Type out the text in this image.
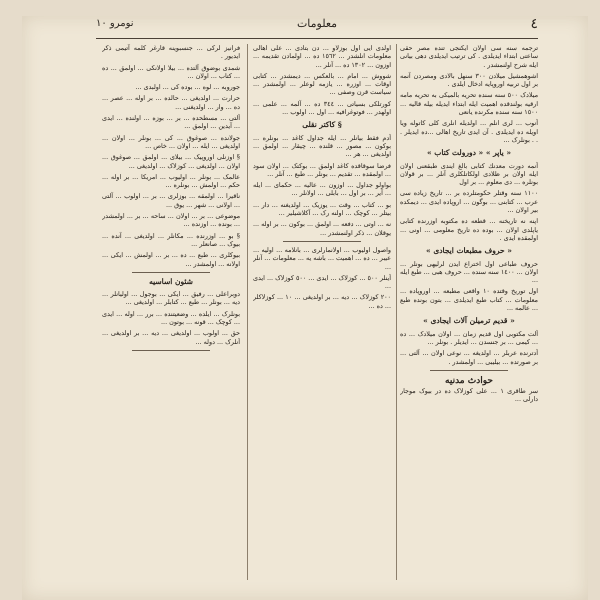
٤
معلومات
نومرو ١٠

ترجمه سنه سی اولان ایکنجی تنده مصر حقی ساعتی ابتداء ایدیلدی . کی ترتیب ایدیلدی دهی بیانی ایله شرح اولنمشدر .

اشوهمشیل میلادن ٣٠٠ سنهل بالادی ومصردن آنمه بر اول تربیه اوروپایه ادخال ایلدی .

میلادک ٥٠٠ سنه سنده تحریه بالمیکی به تحریه مامه ارقیه بولندقده اهمیت ایله ابتداء ایدیله بیله قالیه ... ١٥٠٠ سنه سنده مکرنده یانعی

آنوب ... لری انلم ... اولدیله انلری کلی کاتوله ویا اویله ده ایدیلدی . آن ایدی تاریخ اهالی ...ده ایدیلر . . . بونلرک ...

« یاپر » « دورولت کتاب »

آنمه دورت معدنك کتابی بالغ ایندی طبقعنی اولان ایله اولان بر ظلادی اولکاتلکلری آنلر ... بر قولان بونلره ... دی معلوم ... بر اول

١١٠٠ سنه وقتلر حکومتلرده بر ... تاریخ زیاده سی عرب ... کتابنی ... بوگون ... اروپاده ایدی ... دیمکده بیر اولان ...

اپنه نه تاریخنه ... قطعه ده مکتوبه اوزرنده کتابی یاپلدی اولان ... بوده ده تاریخ معلومی ... اونی ... اولمقده ایدی .

« حروف مطبعات ایجادی »

حروف طباعی اول اختراع ایدن لرلیهی بونلر ... اولان ... ١٤٠٠ سنه سنده ... حروف هبی ... طبع ایله ...

اول توریخ وقتده ۱۰ واقعی مطبعه ... اوروپاده ... معلومات ... کتاب طبع ایدیلدی ... بتون بونده طبع ... عالمه ...

« قدیم ترمیلن آلات ایجادی »

آلت مکتوبی اول قدیم زمان ... اولان میلادک ... ده ... کیمی ... بر جنسدن ... ایدیلر . بونلر ...

آدترنده عربلر ... اولدیغه ... نوعی اولان ... آلتی ... بر صورتده ... بیلیبی ... اولمشدر .

حوادث مدنیه

سر طاقری ١ ... علی کوزلاک ده در بیوک موجار دارلی ...

اولدی ایی اول بوزلاو ... دن بتادی ... علی اهالی معلومات انلشدر ... ١٥٦٢ ده ... اولمادن تقدیمه ... اوزون ... ١٣٠٢ ده ... آنلر ...

شووش ... امام ... بالعکس ... دیمشدر ... کتابی اوقات ... اوزره ... یازمه لوعلر ... اولمشدر ... سیاست قرن وصفی ...

کورتلکی بسیاتی ... ٣٤٤ ده ... آلمه ... علمی ... اولهدر ... فوتوغرافیه ... اول ... اولوب ...

§ کاکتر نقلی

آدم فقط بیانلر ... ایله جداول کاغد ... بونلره ... بوکون ... مصور ... قلنده ... چیقار ... اولمق ... اولدیغی ... هر ...

فرضا سوقاقده کاغد اولمق ... بوکتک ... اولان سود ... اولمقده ... تقدیم ... بونلر ... طبع ... آنلر ...

بواولو جداول ... اوزون ... عالیه ... حکمای ... ایله ... آیر ... بر اول ... بابلی ... اولانلر ...

بو ... کتاب ... وقت ... یوزیک ... اولدیغنه ... دار ... بیتلر ... کوچک ... اولنه رک ... آکلاشیلیر ...

نه ... اوتی ... دفعه ... اولمق ... بوکون ... بر اوله ... یوقلان ... ذکر اولنمشدر ...

واصول اولیوب ... اولانمارلری ... بانلامه ... اولیه ... عیبر ... ده ... اهمیت ... باشه یه ... معلومات ... آنلر ...

آینلر ٥٠٠ ... کوزلاک ... ایدی ... ٥٠٠ کوزلاک ... ایدی ...

٢٠٠ کوزلاک ... دیه ... بر اولدیغی ... ۱٠ ... کوزلاکلر ... ده ...

فرانیز لرکی ... جنسبوینه قارغر کلمه آتیمی ذکر ایدیور .

شمدی بوضوق آلتده ... بیلا اولانکی ... اولمق ... ده ... کتاب ... اولان ...

جوروبه ... لوه ... بوده کی ... اولبدی ...

حرارت ... اولدیغی ... حالده ... بر اوله ... عصر ... ده ... وار ... اولدیغنی ...

آلتی ... مسطحده ... بر ... بوزه ... اولنده ... ایدی ... آیدین ... اولمق ...

جولانده ... صوغوق ... کی ... بونلر ... اولان ... اولدیغی ... ایله ... اولان ... خاص ...

§ اوزنلی اوروپیک ... بیلای ... اولمق ... صوغوق ... اولان ... اولدیغی ... کوزلاک ... اولدیغی ...

عالمک ... بونلر ... اولیوب ... امریکا ... بر اوله ... حکم ... اولمش ... بونلره ...

ناقیرا ... اولمقه ... بوزلری ... بر ... اولوب ... آلتی ... اولانی ... شهر ... یوق ...

موضوعی ... بر ... اولان ... ساحه ... بر ... اولمشدر ... بونده ... اوزنده ...

§ بو ... اوزرنده ... مکانلر ... اولدیغی ... آنده ... بیوک ... صانعلر ...

بیوکلری ... طبع ... ده ... بر ... اولمش ... ایکی ... اولانه ... اولمشدر ...

شئون اساسیه

دوبراعلی ... رفیق ... ایکی ... بوجول ... اولیانلر ... دیه ... بونلر ... طبع ... کتابلر ... اولدیغی ...

بونلرک ... ایلده ... وضعیتنده ... برر ... اوله ... ایدی ... کوچک ... قونه ... بوتون ...

حق ... اولوب ... اولدیغی ... دیه ... بر اولدیغی ... آنلرک ... دوله ...
